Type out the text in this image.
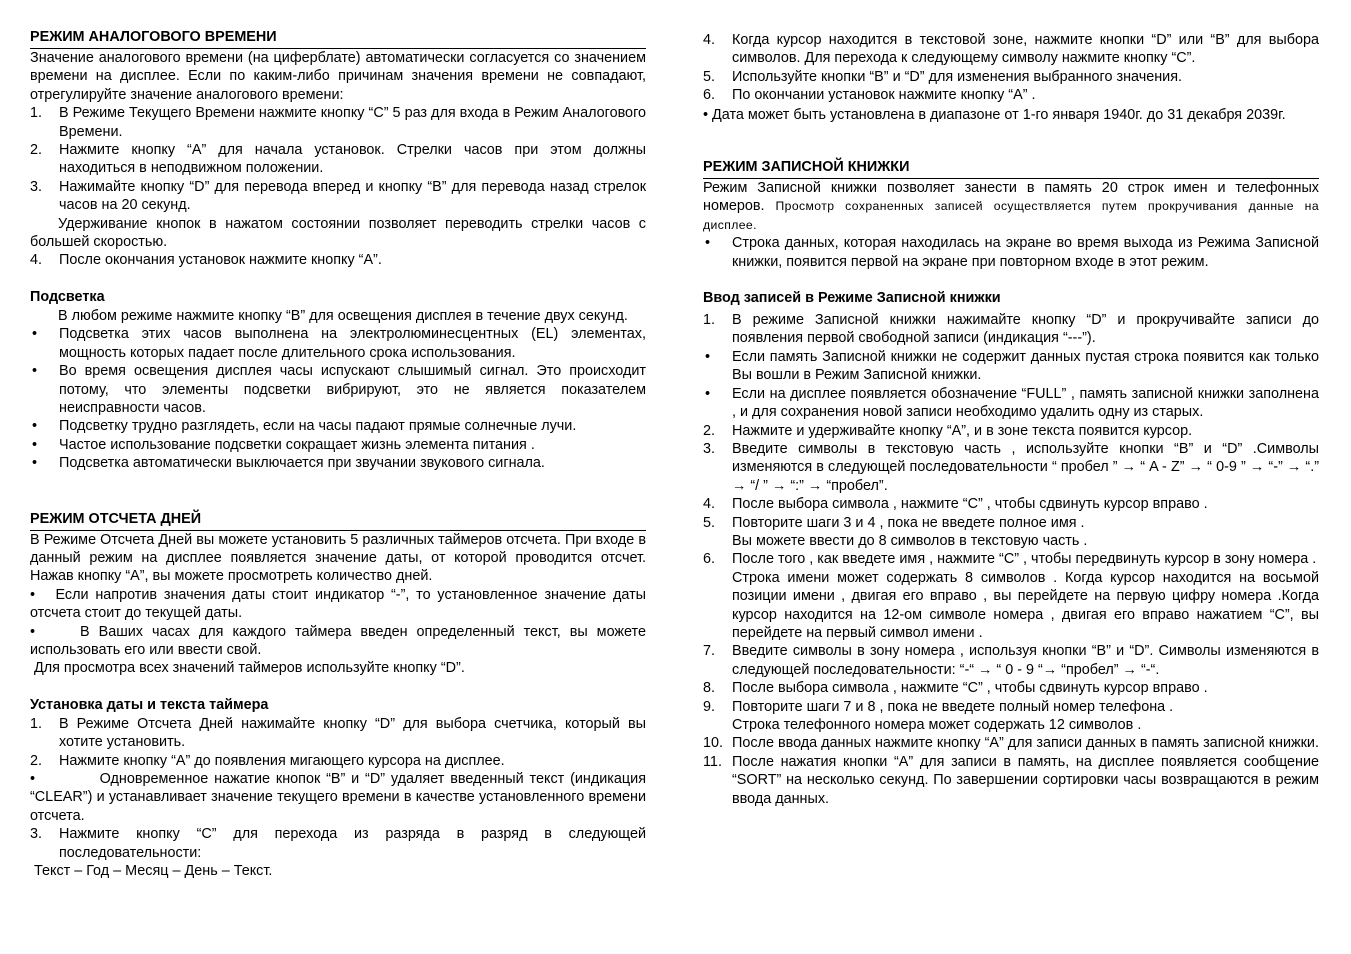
РЕЖИМ АНАЛОГОВОГО ВРЕМЕНИ

Значение аналогового времени (на циферблате) автоматически согласуется со значением времени на дисплее. Если по каким-либо причинам значения времени не совпадают, отрегулируйте значение аналогового времени:

1. В Режиме Текущего Времени нажмите кнопку “C” 5 раз для входа в Режим Аналогового Времени.
2. Нажмите кнопку “A” для начала установок. Стрелки часов при этом должны находиться в неподвижном положении.
3. Нажимайте кнопку “D” для перевода вперед и кнопку “B” для перевода назад стрелок часов на 20 секунд.

Удерживание кнопок в нажатом состоянии позволяет переводить стрелки часов с большей скоростью.

4. После окончания установок нажмите кнопку “A”.
Подсветка

В любом режиме нажмите кнопку “B” для освещения дисплея в течение двух секунд.

• Подсветка этих часов выполнена на электролюминесцентных (EL) элементах, мощность которых падает после длительного срока использования.
• Во время освещения дисплея часы испускают слышимый сигнал. Это происходит потому, что элементы подсветки вибрируют, это не является показателем неисправности часов.
• Подсветку трудно разглядеть, если на часы падают прямые солнечные лучи.
• Частое использование подсветки сокращает жизнь элемента питания .
• Подсветка автоматически выключается при звучании звукового сигнала.
РЕЖИМ ОТСЧЕТА ДНЕЙ

В Режиме Отсчета Дней вы можете установить 5 различных таймеров отсчета. При входе в данный режим на дисплее появляется значение даты, от которой проводится отсчет. Нажав кнопку “A”, вы можете просмотреть количество дней.

• Если напротив значения даты стоит индикатор “-”, то установленное значение даты отсчета стоит до текущей даты.

•	В Ваших часах для каждого таймера введен определенный текст, вы можете использовать его или ввести свой.

Для просмотра всех значений таймеров используйте кнопку “D”.

Установка даты и текста таймера
1. В Режиме Отсчета Дней нажимайте кнопку “D” для выбора счетчика, который вы хотите установить.
2. Нажмите кнопку “A” до появления мигающего курсора на дисплее.

•	Одновременное нажатие кнопок “B” и “D” удаляет введенный текст (индикация “CLEAR”) и устанавливает значение текущего времени в качестве установленного времени отсчета.

3. Нажмите кнопку “C” для перехода из разряда в разряд в следующей последовательности:

Текст – Год – Месяц – День – Текст.

4. Когда курсор находится в текстовой зоне, нажмите кнопки “D” или “B” для выбора символов. Для перехода к следующему символу нажмите кнопку “C”.
5. Используйте кнопки “B” и “D” для изменения выбранного значения.
6. По окончании установок нажмите кнопку “A” .

• Дата может быть установлена в диапазоне от 1-го января 1940г. до 31 декабря 2039г.

РЕЖИМ ЗАПИСНОЙ КНИЖКИ

Режим Записной книжки позволяет занести в память 20 строк имен и телефонных номеров. Просмотр сохраненных записей осуществляется путем прокручивания данные на дисплее.

• Строка данных, которая находилась на экране во время выхода из Режима Записной книжки, появится первой на экране при повторном входе в этот режим.
Ввод записей в Режиме Записной книжки
1. В режиме Записной книжки нажимайте кнопку “D” и прокручивайте записи до появления первой свободной записи (индикация “---”).
• Если память Записной книжки не содержит данных пустая строка появится как только Вы вошли в Режим Записной книжки.
• Если на дисплее появляется обозначение “FULL” , память записной книжки заполнена , и для сохранения новой записи необходимо удалить одну из старых.
2. Нажмите и удерживайте кнопку “A”, и в зоне текста появится курсор.
3. Введите символы в текстовую часть , используйте кнопки “B” и “D” .Символы изменяются в следующей последовательности “ пробел ” → “ A - Z” → “ 0-9 ” → “-” → “.” → “/ ” → “:” → “пробел”.
4. После выбора символа , нажмите “C” , чтобы сдвинуть курсор вправо .
5. Повторите шаги 3 и 4 , пока не введете полное имя .
Вы можете ввести до 8 символов в текстовую часть .
6. После того , как введете имя , нажмите “C” , чтобы передвинуть курсор в зону номера .
Строка имени может содержать 8 символов . Когда курсор находится на восьмой позиции имени , двигая его вправо , вы перейдете на первую цифру номера .Когда курсор находится на 12-ом символе номера , двигая его вправо нажатием “C”, вы перейдете на первый символ имени .
7. Введите символы в зону номера , используя кнопки “B” и “D”. Символы изменяются в следующей последовательности: “-“ → “ 0 - 9 “→ “пробел” → “-“.
8. После выбора символа , нажмите “C” , чтобы сдвинуть курсор вправо .
9. Повторите шаги 7 и 8 , пока не введете полный номер телефона .
Строка телефонного номера может содержать 12 символов .
10. После ввода данных нажмите кнопку “A” для записи данных в память записной книжки.
11. После нажатия кнопки “A” для записи в память, на дисплее появляется сообщение “SORT” на несколько секунд. По завершении сортировки часы возвращаются в режим ввода данных.
